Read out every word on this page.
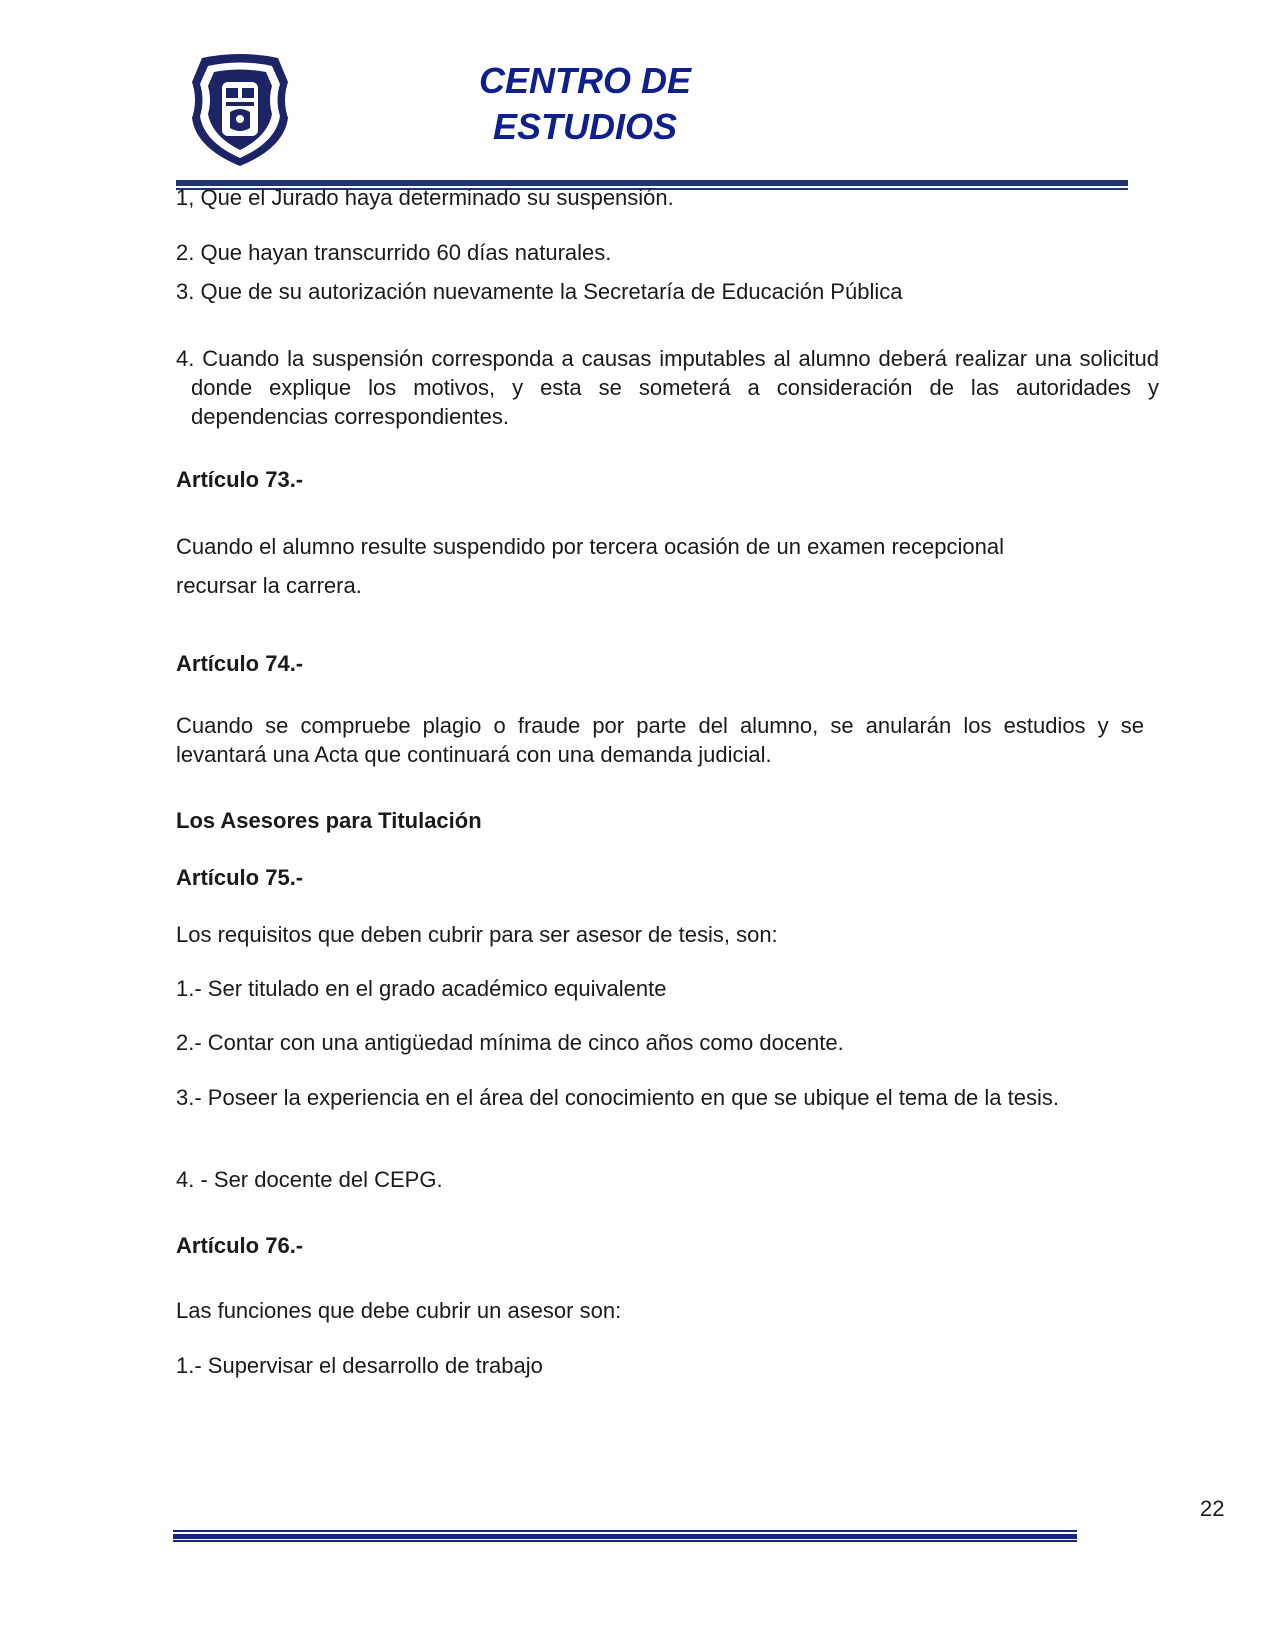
CENTRO DE ESTUDIOS
1, Que el Jurado haya determinado su suspensión.
2. Que hayan transcurrido 60 días naturales.
3. Que de su autorización nuevamente la Secretaría de Educación Pública
4. Cuando la suspensión corresponda a causas imputables al alumno deberá realizar una solicitud donde explique los motivos, y esta se someterá a consideración de las autoridades y dependencias correspondientes.
Artículo 73.-
Cuando el alumno resulte suspendido por tercera ocasión de un examen recepcional
recursar la carrera.
Artículo 74.-
Cuando se compruebe plagio o fraude por parte del alumno, se anularán los estudios y se levantará una Acta que continuará con una demanda judicial.
Los Asesores para Titulación
Artículo 75.-
Los requisitos que deben cubrir para ser asesor de tesis, son:
1.- Ser titulado en el grado académico equivalente
2.- Contar con una antigüedad mínima de cinco años como docente.
3.- Poseer la experiencia en el área del conocimiento en que se ubique el tema de la tesis.
4. - Ser docente del CEPG.
Artículo 76.-
Las funciones que debe cubrir un asesor son:
1.- Supervisar el desarrollo de trabajo
22
